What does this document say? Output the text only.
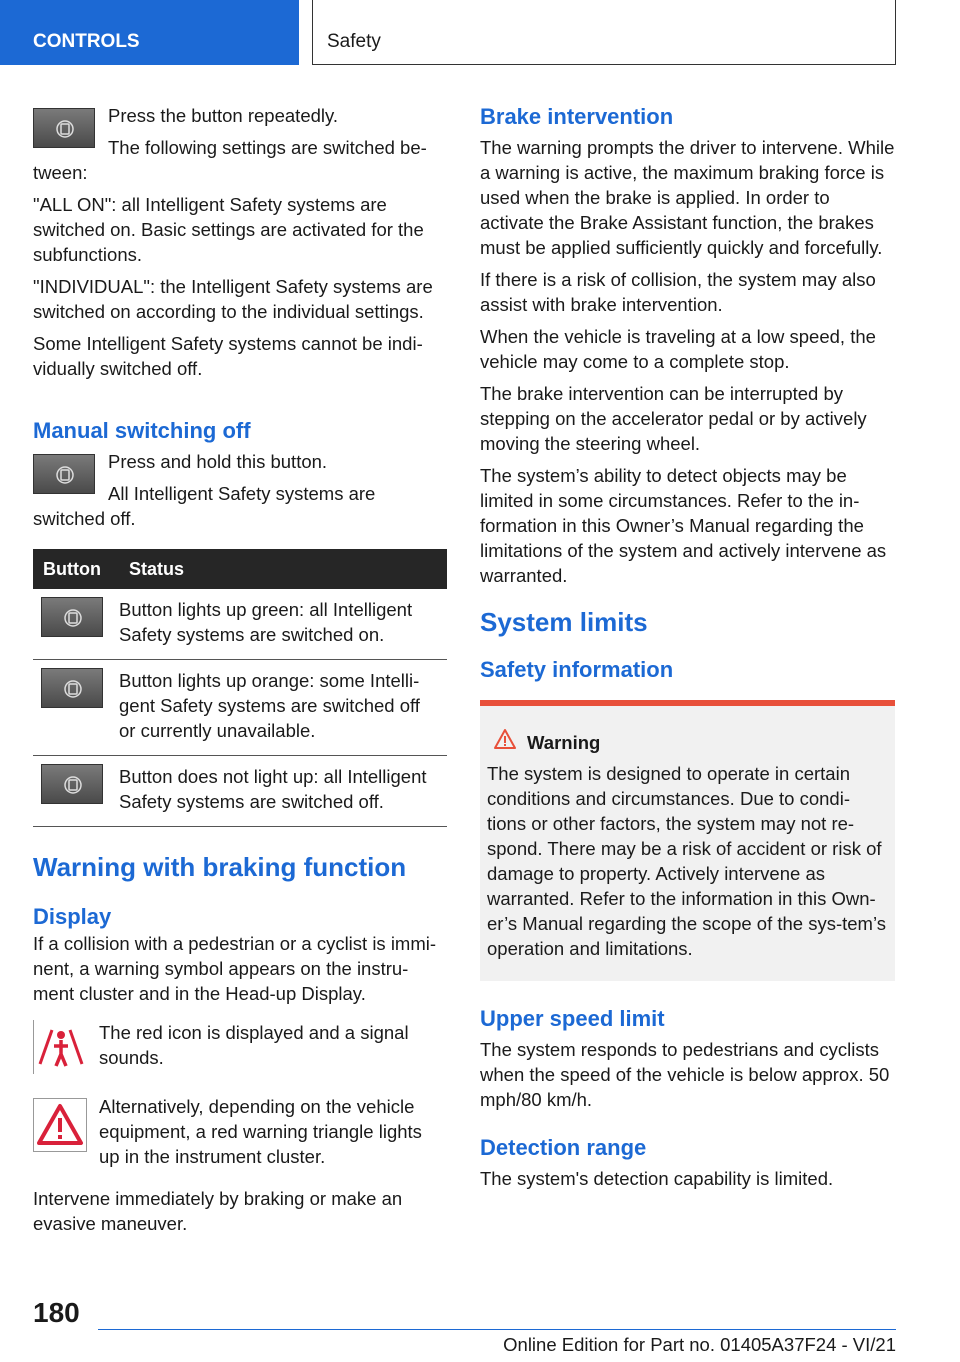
CONTROLS	Safety

Press the button repeatedly.

The following settings are switched be‐tween:

"ALL ON": all Intelligent Safety systems are switched on. Basic settings are activated for the subfunctions.

"INDIVIDUAL": the Intelligent Safety systems are switched on according to the individual settings.

Some Intelligent Safety systems cannot be indi‐vidually switched off.

Manual switching off

Press and hold this button.

All Intelligent Safety systems are switched off.

Button	Status

	Button lights up green: all Intelligent Safety systems are switched on.

	Button lights up orange: some Intelli‐gent Safety systems are switched off or currently unavailable.

	Button does not light up: all Intelligent Safety systems are switched off.
Warning with braking function
Display

If a collision with a pedestrian or a cyclist is immi‐nent, a warning symbol appears on the instru‐ment cluster and in the Head-up Display.

The red icon is displayed and a signal sounds.

Alternatively, depending on the vehicle equipment, a red warning triangle lights up in the instrument cluster.

Intervene immediately by braking or make an evasive maneuver.

Brake intervention

The warning prompts the driver to intervene. While a warning is active, the maximum braking force is used when the brake is applied. In order to activate the Brake Assistant function, the brakes must be applied sufficiently quickly and forcefully.

If there is a risk of collision, the system may also assist with brake intervention.

When the vehicle is traveling at a low speed, the vehicle may come to a complete stop.

The brake intervention can be interrupted by stepping on the accelerator pedal or by actively moving the steering wheel.

The system’s ability to detect objects may be limited in some circumstances. Refer to the in‐formation in this Owner’s Manual regarding the limitations of the system and actively intervene as warranted.

System limits
Safety information
Warning

The system is designed to operate in certain conditions and circumstances. Due to condi‐tions or other factors, the system may not re‐spond. There may be a risk of accident or risk of damage to property. Actively intervene as warranted. Refer to the information in this Own‐er’s Manual regarding the scope of the sys‐tem’s operation and limitations.

Upper speed limit

The system responds to pedestrians and cyclists when the speed of the vehicle is below approx. 50 mph/80 km/h.

Detection range

The system's detection capability is limited.

180
Online Edition for Part no. 01405A37F24 - VI/21
